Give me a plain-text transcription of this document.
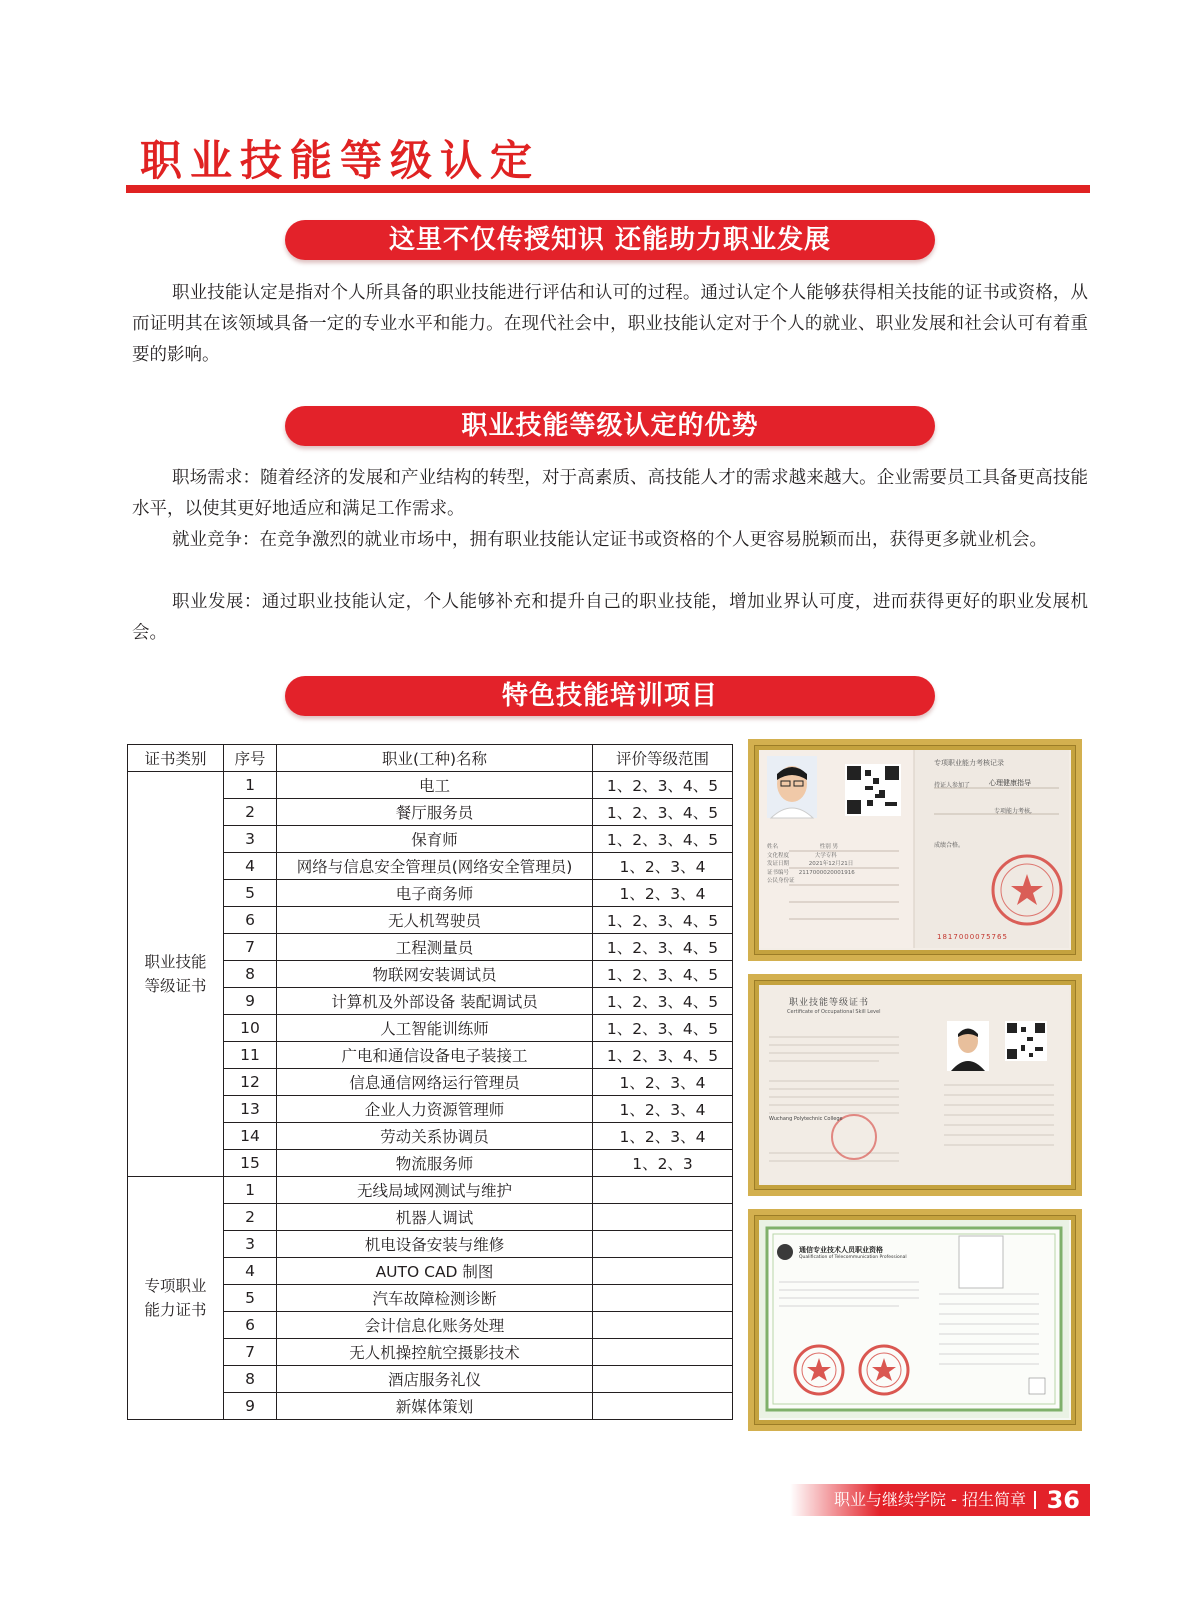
职业技能等级认定
这里不仅传授知识 还能助力职业发展

职业技能认定是指对个人所具备的职业技能进行评估和认可的过程。通过认定个人能够获得相关技能的证书或资格，从而证明其在该领域具备一定的专业水平和能力。在现代社会中，职业技能认定对于个人的就业、职业发展和社会认可有着重要的影响。

职业技能等级认定的优势

职场需求：随着经济的发展和产业结构的转型，对于高素质、高技能人才的需求越来越大。企业需要员工具备更高技能水平，以使其更好地适应和满足工作需求。

就业竞争：在竞争激烈的就业市场中，拥有职业技能认定证书或资格的个人更容易脱颖而出，获得更多就业机会。

职业发展：通过职业技能认定，个人能够补充和提升自己的职业技能，增加业界认可度，进而获得更好的职业发展机会。

特色技能培训项目
证书类别	序号	职业(工种)名称	评价等级范围
职业技能
等级证书	1	电工	1、2、3、4、5
	2	餐厅服务员	1、2、3、4、5
	3	保育师	1、2、3、4、5
	4	网络与信息安全管理员(网络安全管理员)	1、2、3、4
	5	电子商务师	1、2、3、4
	6	无人机驾驶员	1、2、3、4、5
	7	工程测量员	1、2、3、4、5
	8	物联网安装调试员	1、2、3、4、5
	9	计算机及外部设备 装配调试员	1、2、3、4、5
	10	人工智能训练师	1、2、3、4、5
	11	广电和通信设备电子装接工	1、2、3、4、5
	12	信息通信网络运行管理员	1、2、3、4
	13	企业人力资源管理师	1、2、3、4
	14	劳动关系协调员	1、2、3、4
	15	物流服务师	1、2、3
专项职业
能力证书	1	无线局域网测试与维护	
	2	机器人调试	
	3	机电设备安装与维修	
	4	AUTO CAD 制图	
	5	汽车故障检测诊断	
	6	会计信息化账务处理	
	7	无人机操控航空摄影技术	
	8	酒店服务礼仪	
	9	新媒体策划	
专项职业能力考核记录
持证人参加了	心理健康指导
专项能力考核,
成绩合格。
姓名	性别 男
文化程度	大学专科
发证日期	2021年12月21日
证书编号 2117000020001916
公民身份证
1817000075765
职业技能等级证书
Certificate of Occupational Skill Level
Wuchang Polytechnic College
通信专业技术人员职业资格
Qualification of Telecommunication Professional
职业与继续学院 - 招生简章 36
